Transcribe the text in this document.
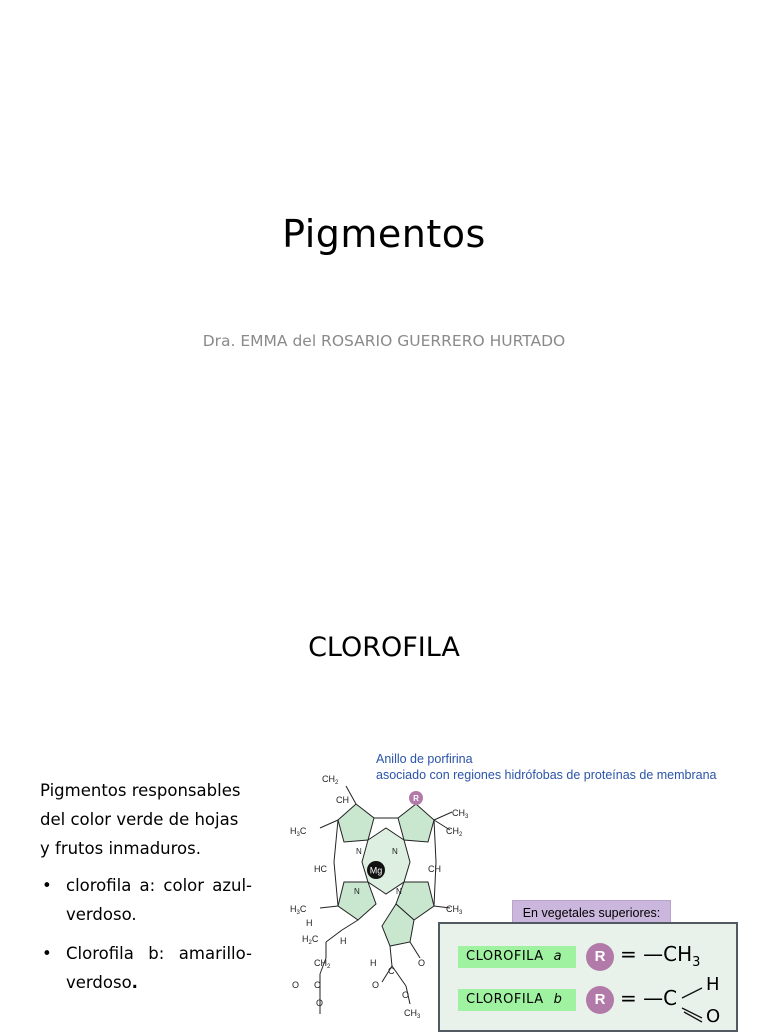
Pigmentos
Dra. EMMA del ROSARIO GUERRERO HURTADO
CLOROFILA

Pigmentos responsables del color verde de hojas y frutos inmaduros.

• clorofila a: color azul-verdoso.
• Clorofila b: amarillo-verdoso.
Anillo de porfirina
asociado con regiones hidrófobas de proteínas de membrana
Mg
R
$CH_2$
CH
$CH_3$
$CH_2$
$H_3C$
HC	CH
N	N
N	N
$H_3C$	$CH_3$
H
H
$H_2C$
$CH_2$
O C
O
H
C
O
O
O
$CH_3$
En vegetales superiores:
CLOROFILA a	$R = —CH_3$
CLOROFILA b	R = —C
H
O
